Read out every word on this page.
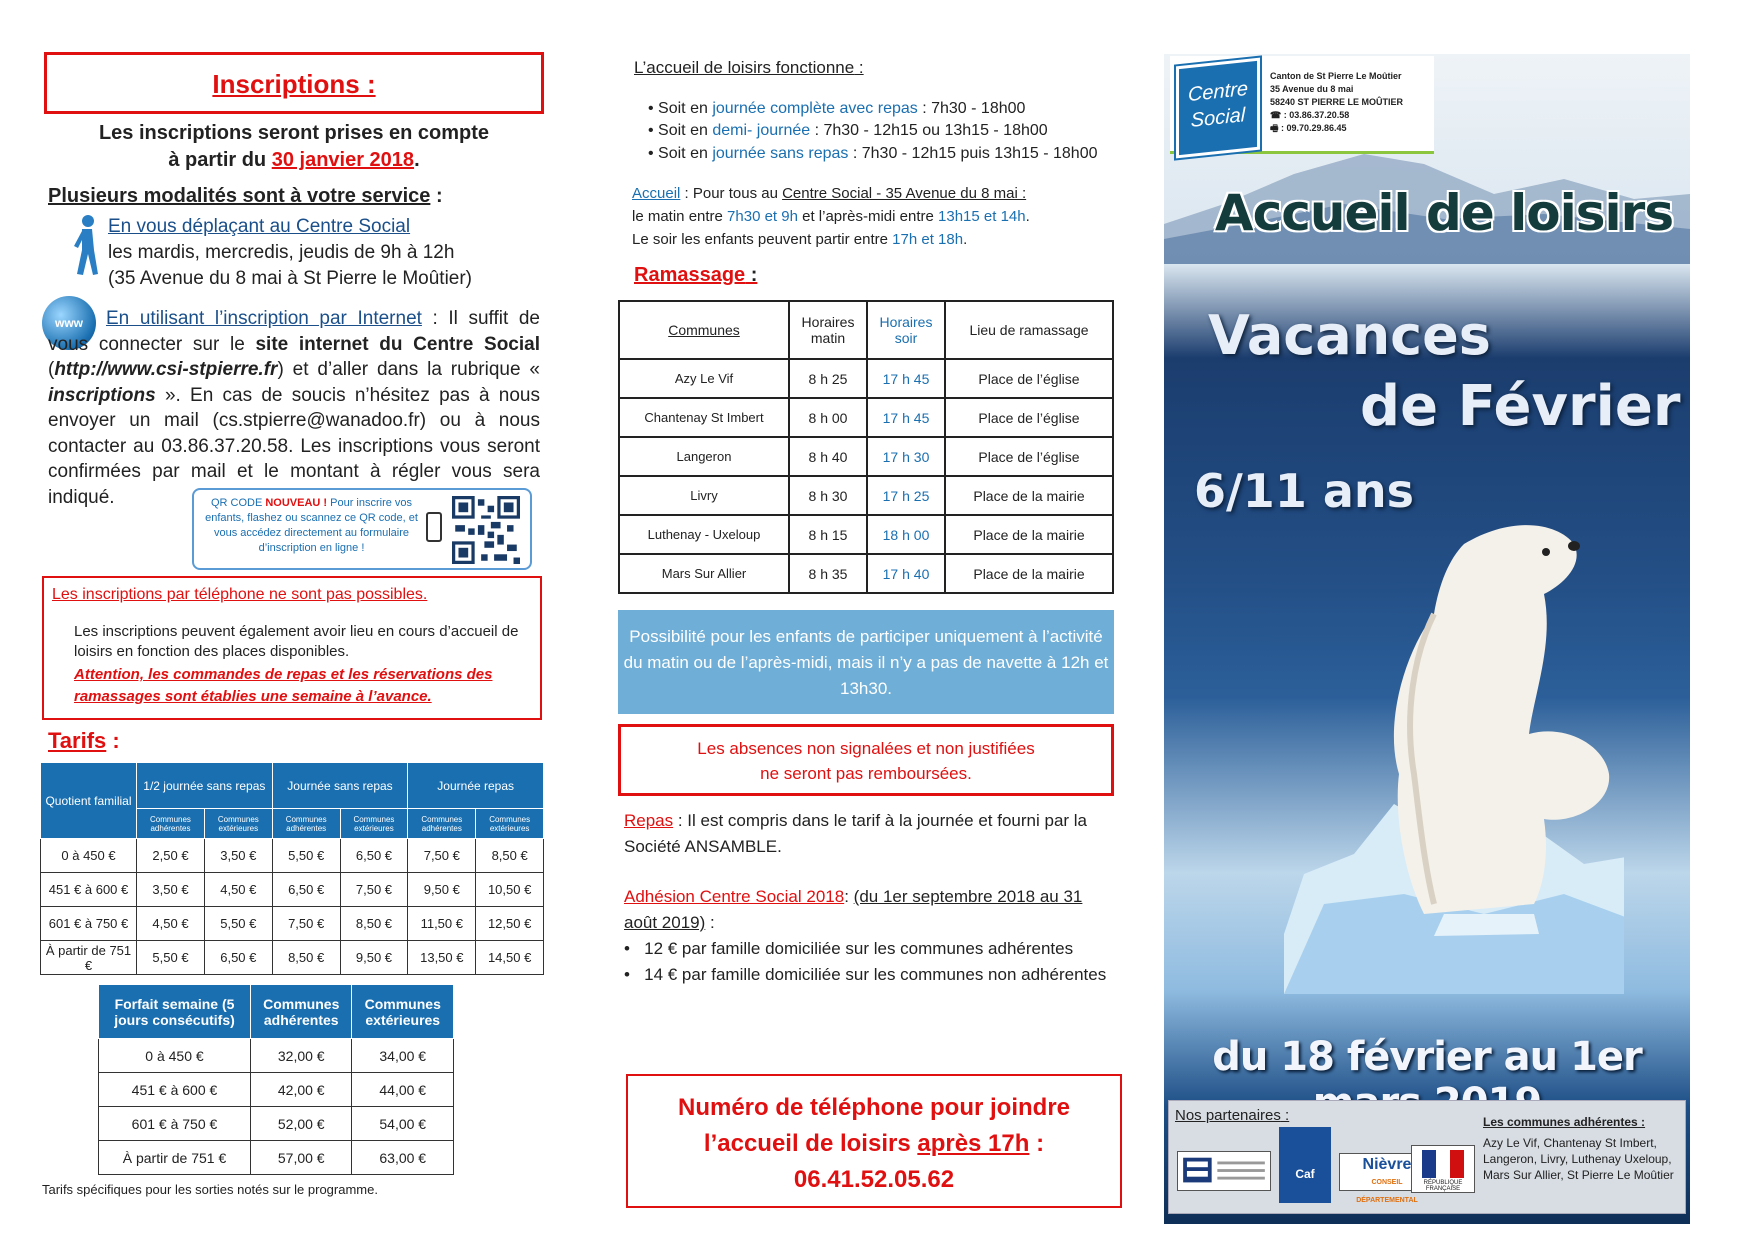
Inscriptions :
Les inscriptions seront prises en compte
à partir du 30 janvier 2018.
Plusieurs modalités sont à votre service :
En vous déplaçant au Centre Social
les mardis, mercredis, jeudis de 9h à 12h
(35 Avenue du 8 mai à St Pierre le Moûtier)
www	En utilisant l’inscription par Internet : Il suffit de vous connecter sur le site internet du Centre Social (http://www.csi-stpierre.fr) et d’aller dans la rubrique « inscriptions ». En cas de soucis n’hésitez pas à nous envoyer un mail (cs.stpierre@wanadoo.fr) ou à nous contacter au 03.86.37.20.58. Les inscriptions vous seront confirmées par mail et le montant à régler vous sera indiqué.	QR CODE NOUVEAU ! Pour inscrire vos enfants, flashez ou scannez ce QR code, et vous accédez directement au formulaire d’inscription en ligne !
Les inscriptions par téléphone ne sont pas possibles.
Les inscriptions peuvent également avoir lieu en cours d’accueil de loisirs en fonction des places disponibles.
Attention, les commandes de repas et les réservations des ramassages sont établies une semaine à l’avance.
Tarifs :
Quotient familial	1/2 journée sans repas		Journée sans repas		Journée repas	
	Communes adhérentes	Communes extérieures	Communes adhérentes	Communes extérieures	Communes adhérentes	Communes extérieures
0 à 450 €	2,50 €	3,50 €	5,50 €	6,50 €	7,50 €	8,50 €
451 € à 600 €	3,50 €	4,50 €	6,50 €	7,50 €	9,50 €	10,50 €
601 € à 750 €	4,50 €	5,50 €	7,50 €	8,50 €	11,50 €	12,50 €
À partir de 751 €	5,50 €	6,50 €	8,50 €	9,50 €	13,50 €	14,50 €
Forfait semaine (5 jours consécutifs)	Communes adhérentes	Communes extérieures
0 à 450 €	32,00 €	34,00 €
451 € à 600 €	42,00 €	44,00 €
601 € à 750 €	52,00 €	54,00 €
À partir de 751 €	57,00 €	63,00 €
Tarifs spécifiques pour les sorties notés sur le programme.
L’accueil de loisirs fonctionne :
• Soit en journée complète avec repas : 7h30 - 18h00
• Soit en demi- journée : 7h30 - 12h15 ou 13h15 - 18h00
• Soit en journée sans repas : 7h30 - 12h15 puis 13h15 - 18h00
Accueil : Pour tous au Centre Social - 35 Avenue du 8 mai :
le matin entre 7h30 et 9h et l’après-midi entre 13h15 et 14h.
Le soir les enfants peuvent partir entre 17h et 18h.
Ramassage :
Communes	Horaires matin	Horaires soir	Lieu de ramassage
Azy Le Vif	8 h 25	17 h 45	Place de l’église
Chantenay St Imbert	8 h 00	17 h 45	Place de l’église
Langeron	8 h 40	17 h 30	Place de l’église
Livry	8 h 30	17 h 25	Place de la mairie
Luthenay - Uxeloup	8 h 15	18 h 00	Place de la mairie
Mars Sur Allier	8 h 35	17 h 40	Place de la mairie
Possibilité pour les enfants de participer uniquement à l’activité du matin ou de l’après-midi, mais il n’y a pas de navette à 12h et 13h30.
Les absences non signalées et non justifiées
ne seront pas remboursées.
Repas : Il est compris dans le tarif à la journée et fourni par la Société ANSAMBLE.
Adhésion Centre Social 2018: (du 1er septembre 2018 au 31 août 2019) :
•   12 € par famille domiciliée sur les communes adhérentes
•   14 € par famille domiciliée sur les communes non adhérentes
Numéro de téléphone pour joindre
l’accueil de loisirs après 17h :
06.41.52.05.62
Centre
Social
Canton de St Pierre Le Moûtier
35 Avenue du 8 mai
58240 ST PIERRE LE MOÛTIER
☎ : 03.86.37.20.58
🖷 : 09.70.29.86.45
Accueil de loisirs
Vacances
de Février
6/11 ans
du 18 février au 1er
Nos partenaires :
Caf
Nièvre
CONSEIL DÉPARTEMENTAL
RÉPUBLIQUE FRANÇAISE
Les communes adhérentes :
Azy Le Vif, Chantenay St Imbert, Langeron, Livry, Luthenay Uxeloup, Mars Sur Allier, St Pierre Le Moûtier
